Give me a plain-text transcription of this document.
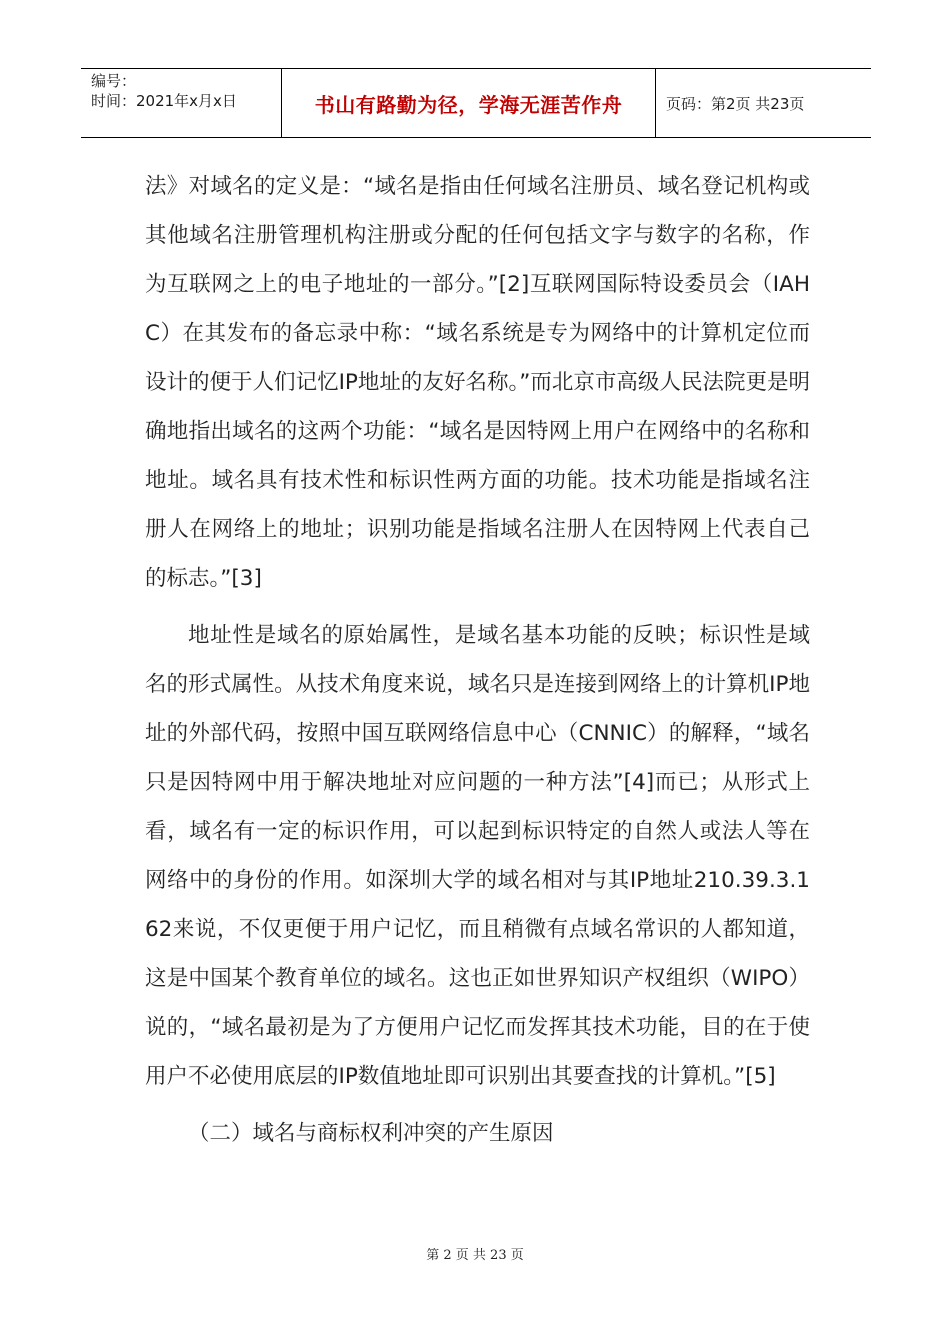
编号：
时间：2021年x月x日	书山有路勤为径，学海无涯苦作舟	页码：第2页 共23页

法》对域名的定义是：“域名是指由任何域名注册员、域名登记机构或其他域名注册管理机构注册或分配的任何包括文字与数字的名称，作为互联网之上的电子地址的一部分。”[2]互联网国际特设委员会（IAHC）在其发布的备忘录中称：“域名系统是专为网络中的计算机定位而设计的便于人们记忆IP地址的友好名称。”而北京市高级人民法院更是明确地指出域名的这两个功能：“域名是因特网上用户在网络中的名称和地址。域名具有技术性和标识性两方面的功能。技术功能是指域名注册人在网络上的地址；识别功能是指域名注册人在因特网上代表自己的标志。”[3]

地址性是域名的原始属性，是域名基本功能的反映；标识性是域名的形式属性。从技术角度来说，域名只是连接到网络上的计算机IP地址的外部代码，按照中国互联网络信息中心（CNNIC）的解释，“域名只是因特网中用于解决地址对应问题的一种方法”[4]而已；从形式上看，域名有一定的标识作用，可以起到标识特定的自然人或法人等在网络中的身份的作用。如深圳大学的域名相对与其IP地址210.39.3.162来说，不仅更便于用户记忆，而且稍微有点域名常识的人都知道，这是中国某个教育单位的域名。这也正如世界知识产权组织（WIPO）说的，“域名最初是为了方便用户记忆而发挥其技术功能，目的在于使用户不必使用底层的IP数值地址即可识别出其要查找的计算机。”[5]

（二）域名与商标权利冲突的产生原因

第 2 页 共 23 页
